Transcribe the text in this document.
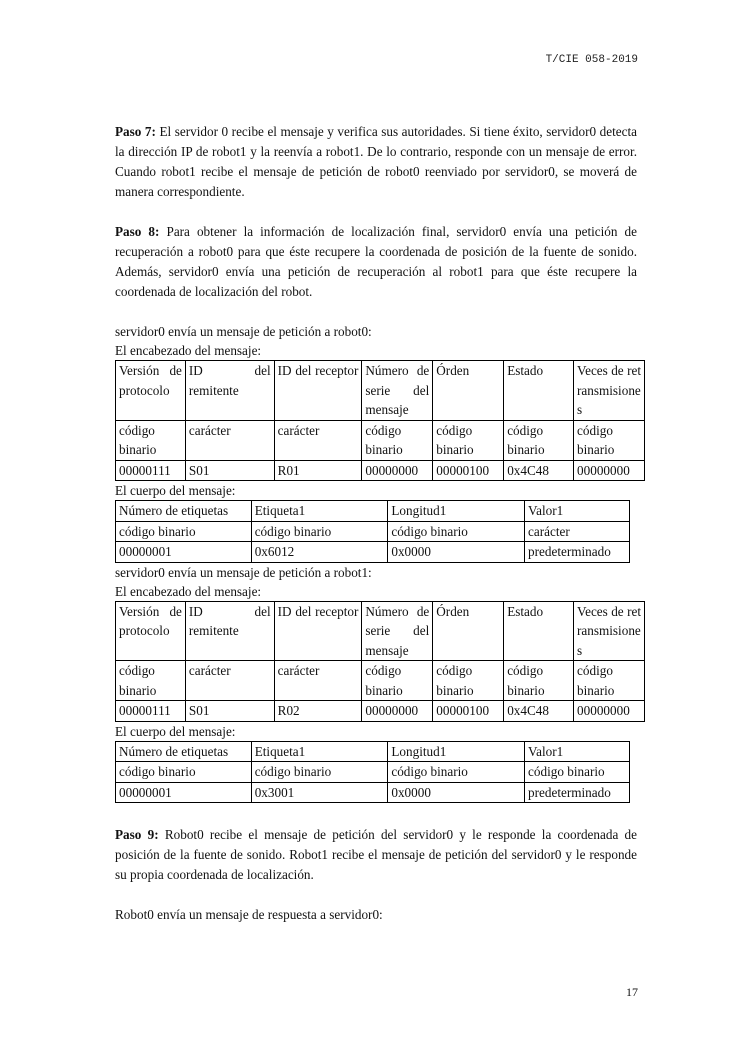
T/CIE 058-2019

Paso 7: El servidor 0 recibe el mensaje y verifica sus autoridades. Si tiene éxito, servidor0 detecta la dirección IP de robot1 y la reenvía a robot1. De lo contrario, responde con un mensaje de error. Cuando robot1 recibe el mensaje de petición de robot0 reenviado por servidor0, se moverá de manera correspondiente.

Paso 8: Para obtener la información de localización final, servidor0 envía una petición de recuperación a robot0 para que éste recupere la coordenada de posición de la fuente de sonido. Además, servidor0 envía una petición de recuperación al robot1 para que éste recupere la coordenada de localización del robot.

servidor0 envía un mensaje de petición a robot0:

El encabezado del mensaje:

Versión de protocolo	ID del remitente	ID del receptor	Número de serie del mensaje	Órden	Estado	Veces de retransmisiones
código binario	carácter	carácter	código binario	código binario	código binario	código binario
00000111	S01	R01	00000000	00000100	0x4C48	00000000

El cuerpo del mensaje:

Número de etiquetas	Etiqueta1	Longitud1	Valor1
código binario	código binario	código binario	carácter
00000001	0x6012	0x0000	predeterminado

servidor0 envía un mensaje de petición a robot1:

El encabezado del mensaje:

Versión de protocolo	ID del remitente	ID del receptor	Número de serie del mensaje	Órden	Estado	Veces de retransmisiones
código binario	carácter	carácter	código binario	código binario	código binario	código binario
00000111	S01	R02	00000000	00000100	0x4C48	00000000

El cuerpo del mensaje:

Número de etiquetas	Etiqueta1	Longitud1	Valor1
código binario	código binario	código binario	código binario
00000001	0x3001	0x0000	predeterminado

Paso 9: Robot0 recibe el mensaje de petición del servidor0 y le responde la coordenada de posición de la fuente de sonido. Robot1 recibe el mensaje de petición del servidor0 y le responde su propia coordenada de localización.

Robot0 envía un mensaje de respuesta a servidor0:

17
